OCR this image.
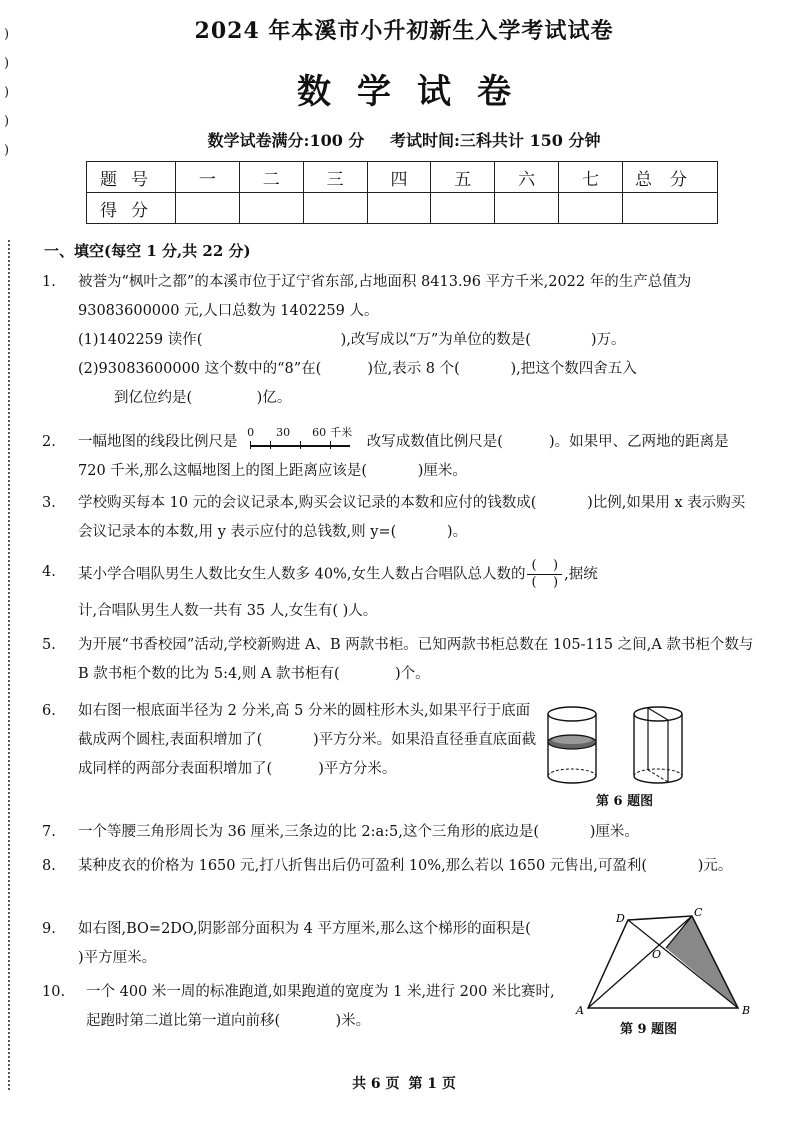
)
)
)
)
)
2024 年本溪市小升初新生入学考试试卷
数学试卷
数学试卷满分:100 分 考试时间:三科共计 150 分钟
题号	一	二	三	四	五	六	七	总分
得分								
一、填空(每空 1 分,共 22 分)
1.	被誉为“枫叶之都”的本溪市位于辽宁省东部,占地面积 8413.96 平方千米,2022 年的生产总值为 93083600000 元,人口总数为 1402259 人。
(1)1402259 读作(                              ),改写成以“万”为单位的数是(             )万。
(2)93083600000 这个数中的“8”在(          )位,表示 8 个(           ),把这个数四舍五入
到亿位约是(              )亿。
2.	一幅地图的线段比例尺是
0 30 60 千米
改写成数值比例尺是(          )。如果甲、乙两地的距离是 720 千米,那么这幅地图上的图上距离应该是(           )厘米。
3.	学校购买每本 10 元的会议记录本,购买会议记录的本数和应付的钱数成(           )比例,如果用 x 表示购买会议记录本的本数,用 y 表示应付的总钱数,则 y=(           )。
4.	某小学合唱队男生人数比女生人数多 40%,女生人数占合唱队总人数的 $\frac{( )}{( )}$ ,据统
计,合唱队男生人数一共有 35 人,女生有( )人。
5.	为开展“书香校园”活动,学校新购进 A、B 两款书柜。已知两款书柜总数在 105-115 之间,A 款书柜个数与 B 款书柜个数的比为 5:4,则 A 款书柜有(            )个。
6.	如右图一根底面半径为 2 分米,高 5 分米的圆柱形木头,如果平行于底面截成两个圆柱,表面积增加了(           )平方分米。如果沿直径垂直底面截成同样的两部分表面积增加了(          )平方分米。
第 6 题图
7.	一个等腰三角形周长为 36 厘米,三条边的比 2:a:5,这个三角形的底边是(           )厘米。
8.	某种皮衣的价格为 1650 元,打八折售出后仍可盈利 10%,那么若以 1650 元售出,可盈利(           )元。
9.	如右图,BO=2DO,阴影部分面积为 4 平方厘米,那么这个梯形的面积是(            )平方厘米。
A	B
C
D
O
第 9 题图
10.	一个 400 米一周的标准跑道,如果跑道的宽度为 1 米,进行 200 米比赛时,起跑时第二道比第一道向前移(            )米。
共 6 页 第 1 页
